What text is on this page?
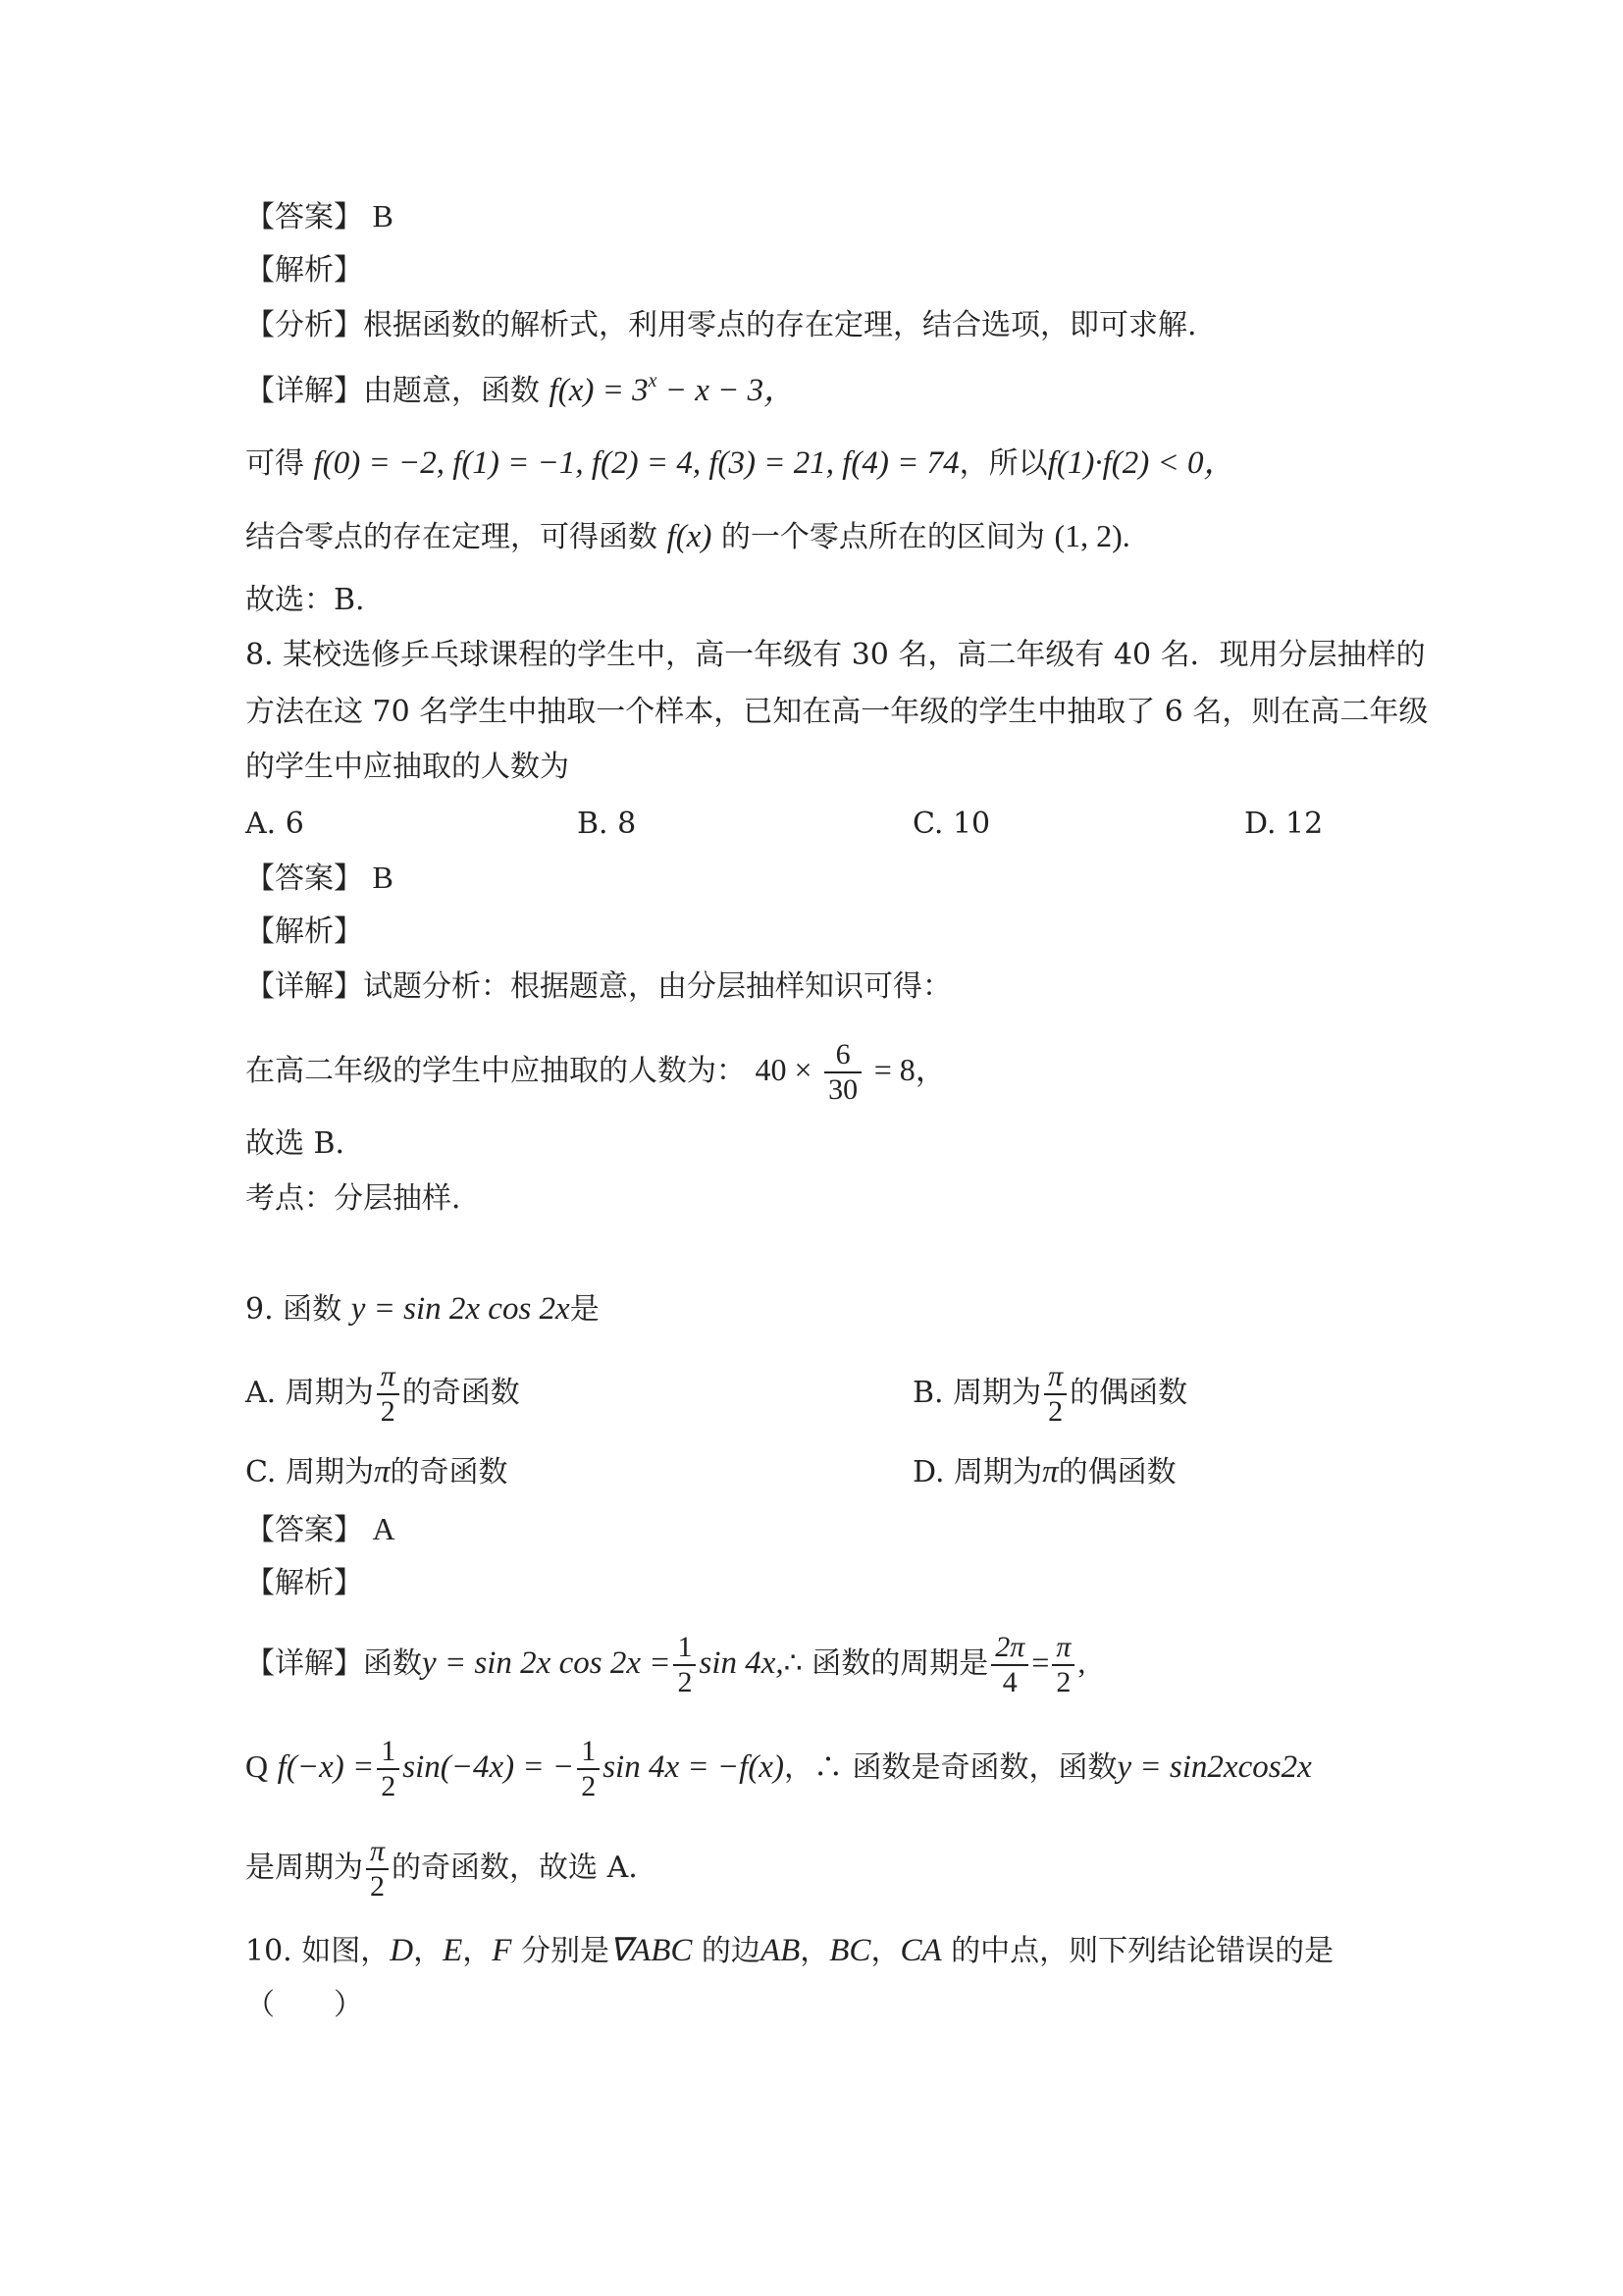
【答案】 B
【解析】
【分析】根据函数的解析式，利用零点的存在定理，结合选项，即可求解.
【详解】由题意，函数 $f(x) = 3^x - x - 3$，
可得 f(0) = −2, f(1) = −1, f(2) = 4, f(3) = 21, f(4) = 74，所以f(1)·f(2) < 0，
结合零点的存在定理，可得函数 f(x) 的一个零点所在的区间为 (1, 2).
故选：B.
8. 某校选修乒乓球课程的学生中，高一年级有 30 名，高二年级有 40 名．现用分层抽样的
方法在这 70 名学生中抽取一个样本，已知在高一年级的学生中抽取了 6 名，则在高二年级
的学生中应抽取的人数为
A. 6	B. 8	C. 10	D. 12
【答案】 B
【解析】
【详解】试题分析：根据题意，由分层抽样知识可得：
在高二年级的学生中应抽取的人数为： $40 \times \frac{6}{30} = 8$，
故选 B．
考点：分层抽样．
9. 函数 y = sin 2x cos 2x是
A. 周期为 $\frac{\pi}{2}$ 的奇函数	B. 周期为 $\frac{\pi}{2}$ 的偶函数
C. 周期为π的奇函数	D. 周期为π的偶函数
【答案】 A
【解析】
【详解】函数y = sin 2x $\cos 2x = \frac{1}{2}$ sin 4x,∴ 函数的周期是 $\frac{2\pi}{4} = \frac{\pi}{2}$ ,
Q $f(-x) = \frac{1}{2} \sin(-4x)$ = − $\frac{1}{2}$ sin 4x = −f(x)，∴ 函数是奇函数，函数y = sin2xcos2x
是周期为 $\frac{\pi}{2}$ 的奇函数，故选 A.
10. 如图，D，E，F 分别是∇ABC 的边AB，BC，CA 的中点，则下列结论错误的是
（　　）
